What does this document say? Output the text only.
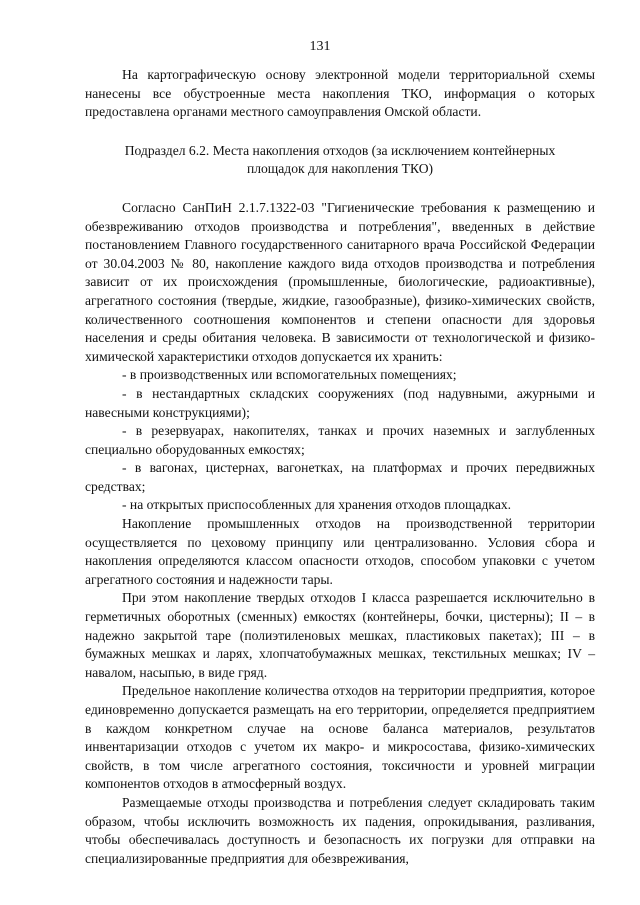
131

На картографическую основу электронной модели территориальной схемы нанесены все обустроенные места накопления ТКО, информация о которых предоставлена органами местного самоуправления Омской области.

Подраздел 6.2. Места накопления отходов (за исключением контейнерных площадок для накопления ТКО)

Согласно СанПиН 2.1.7.1322-03 "Гигиенические требования к размещению и обезвреживанию отходов производства и потребления", введенных в действие постановлением Главного государственного санитарного врача Российской Федерации от 30.04.2003 № 80, накопление каждого вида отходов производства и потребления зависит от их происхождения (промышленные, биологические, радиоактивные), агрегатного состояния (твердые, жидкие, газообразные), физико-химических свойств, количественного соотношения компонентов и степени опасности для здоровья населения и среды обитания человека. В зависимости от технологической и физико-химической характеристики отходов допускается их хранить:

- в производственных или вспомогательных помещениях;

- в нестандартных складских сооружениях (под надувными, ажурными и навесными конструкциями);

- в резервуарах, накопителях, танках и прочих наземных и заглубленных специально оборудованных емкостях;

- в вагонах, цистернах, вагонетках, на платформах и прочих передвижных средствах;

- на открытых приспособленных для хранения отходов площадках.

Накопление промышленных отходов на производственной территории осуществляется по цеховому принципу или централизованно. Условия сбора и накопления определяются классом опасности отходов, способом упаковки с учетом агрегатного состояния и надежности тары.

При этом накопление твердых отходов I класса разрешается исключительно в герметичных оборотных (сменных) емкостях (контейнеры, бочки, цистерны); II – в надежно закрытой таре (полиэтиленовых мешках, пластиковых пакетах); III – в бумажных мешках и ларях, хлопчатобумажных мешках, текстильных мешках; IV – навалом, насыпью, в виде гряд.

Предельное накопление количества отходов на территории предприятия, которое единовременно допускается размещать на его территории, определяется предприятием в каждом конкретном случае на основе баланса материалов, результатов инвентаризации отходов с учетом их макро- и микросостава, физико-химических свойств, в том числе агрегатного состояния, токсичности и уровней миграции компонентов отходов в атмосферный воздух.

Размещаемые отходы производства и потребления следует складировать таким образом, чтобы исключить возможность их падения, опрокидывания, разливания, чтобы обеспечивалась доступность и безопасность их погрузки для отправки на специализированные предприятия для обезвреживания,
